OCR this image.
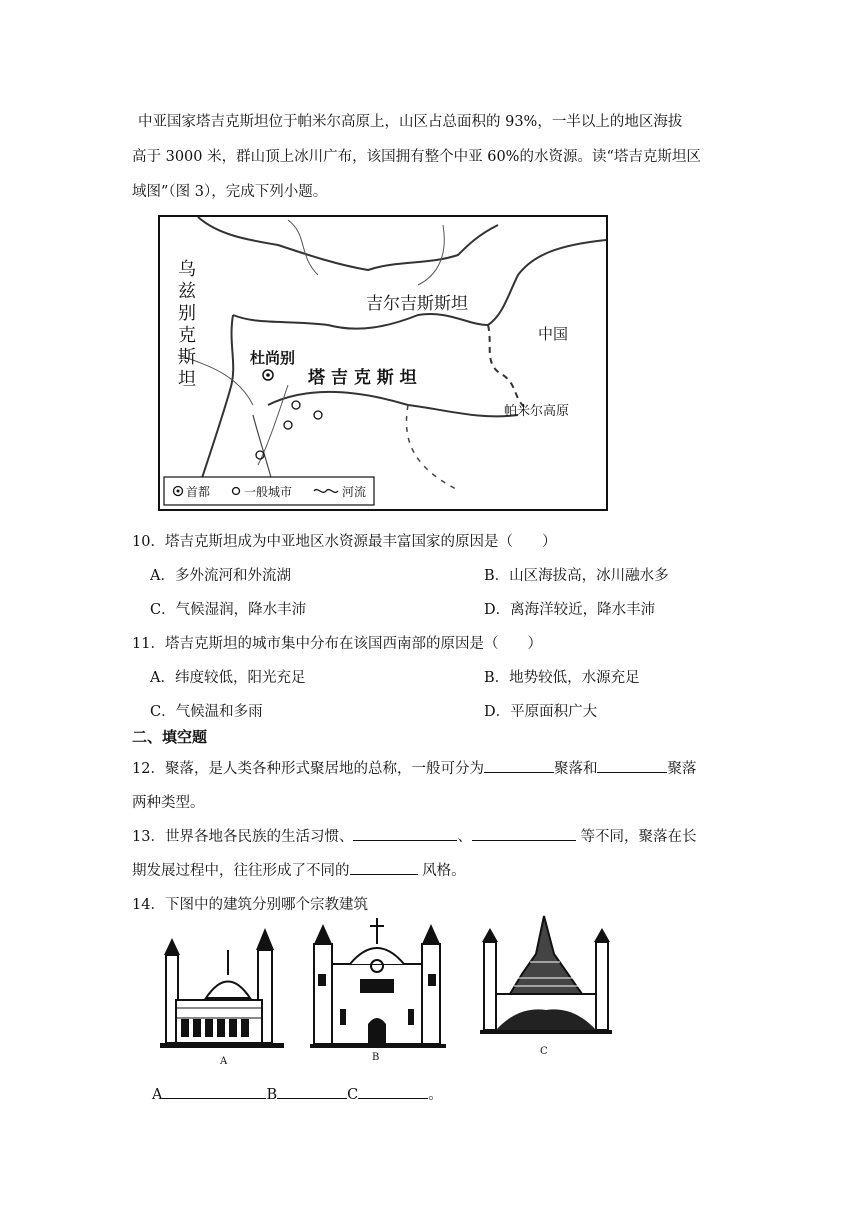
中亚国家塔吉克斯坦位于帕米尔高原上，山区占总面积的 93%，一半以上的地区海拔
高于 3000 米，群山顶上冰川广布，该国拥有整个中亚 60%的水资源。读“塔吉克斯坦区
域图”（图 3），完成下列小题。
乌
兹
别
克
斯
坦
吉尔吉斯斯坦
中国
杜尚别
塔 吉 克 斯 坦
帕米尔高原
首都	一般城市	河流
10．塔吉克斯坦成为中亚地区水资源最丰富国家的原因是（　　）
A．多外流河和外流湖	B．山区海拔高，冰川融水多
C．气候湿润，降水丰沛	D．离海洋较近，降水丰沛
11．塔吉克斯坦的城市集中分布在该国西南部的原因是（　　）
A．纬度较低，阳光充足	B．地势较低，水源充足
C．气候温和多雨	D．平原面积广大
二、填空题
12．聚落，是人类各种形式聚居地的总称，一般可分为	聚落和	聚落
两种类型。
13．世界各地各民族的生活习惯、	、	等不同，聚落在长
期发展过程中，往往形成了不同的	风格。
14．下图中的建筑分别哪个宗教建筑
A	B
C
A	B	C	。
